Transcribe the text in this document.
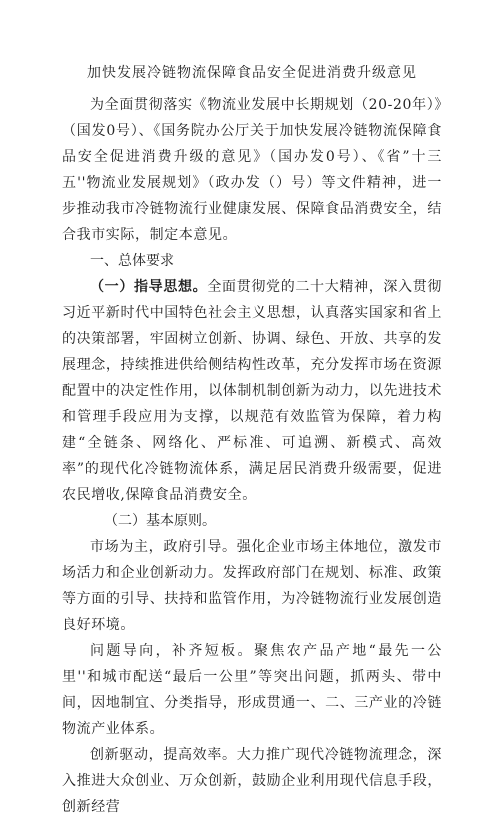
加快发展冷链物流保障食品安全促进消费升级意见

为全面贯彻落实《物流业发展中长期规划（20-20年）》（国发0号）、《国务院办公厅关于加快发展冷链物流保障食品安全促进消费升级的意见》（国办发0号）、《省”十三五''物流业发展规划》（政办发（）号）等文件精神，进一步推动我市冷链物流行业健康发展、保障食品消费安全，结合我市实际，制定本意见。

一、总体要求

（一）指导思想。全面贯彻党的二十大精神，深入贯彻习近平新时代中国特色社会主义思想，认真落实国家和省上的决策部署，牢固树立创新、协调、绿色、开放、共享的发展理念，持续推进供给侧结构性改革，充分发挥市场在资源配置中的决定性作用，以体制机制创新为动力，以先进技术和管理手段应用为支撑，以规范有效监管为保障，着力构建“全链条、网络化、严标准、可追溯、新模式、高效率”的现代化冷链物流体系，满足居民消费升级需要，促进农民增收,保障食品消费安全。

（二）基本原则。

市场为主，政府引导。强化企业市场主体地位，激发市场活力和企业创新动力。发挥政府部门在规划、标准、政策等方面的引导、扶持和监管作用，为冷链物流行业发展创造良好环境。

问题导向，补齐短板。聚焦农产品产地“最先一公里''和城市配送“最后一公里”等突出问题，抓两头、带中间，因地制宜、分类指导，形成贯通一、二、三产业的冷链物流产业体系。

创新驱动，提高效率。大力推广现代冷链物流理念，深入推进大众创业、万众创新，鼓励企业利用现代信息手段，创新经营
